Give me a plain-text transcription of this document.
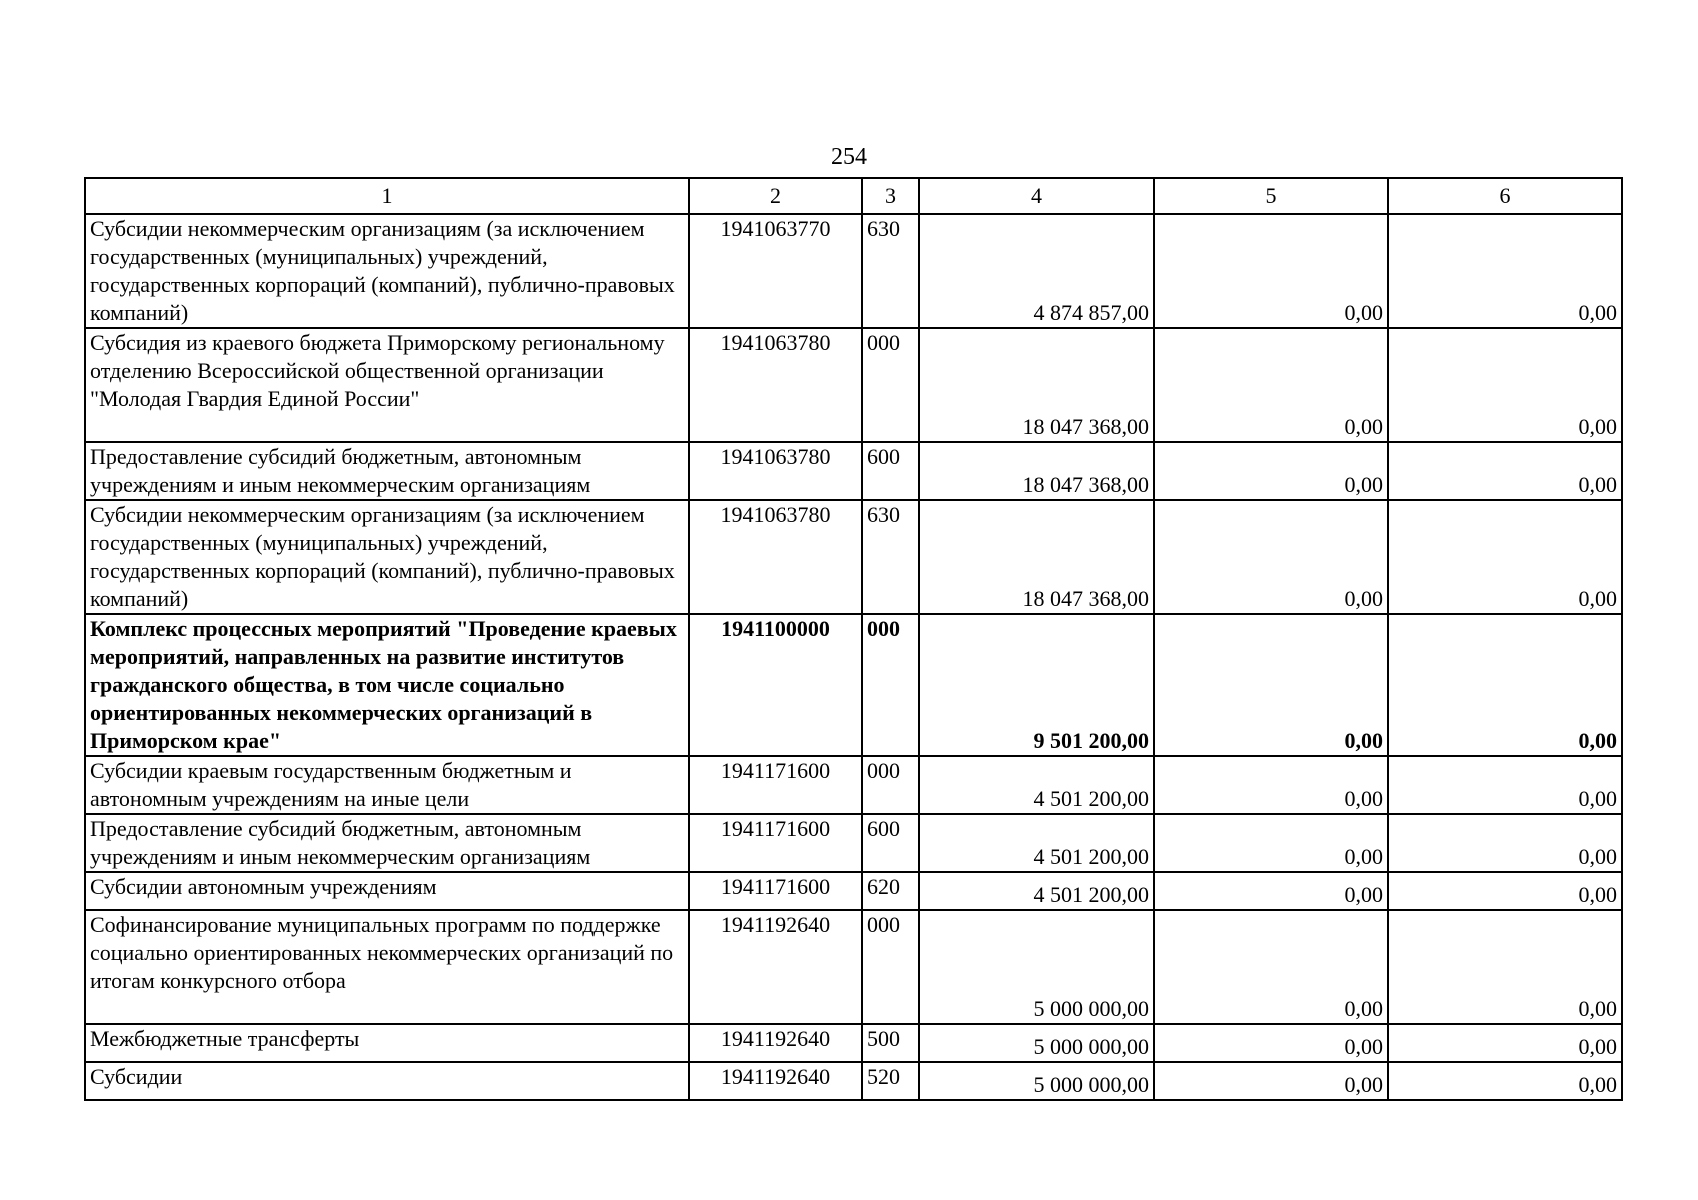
254
1	2	3	4	5	6
Субсидии некоммерческим организациям (за исключением государственных (муниципальных) учреждений, государственных корпораций (компаний), публично-правовых компаний)	1941063770	630	4 874 857,00	0,00	0,00
Субсидия из краевого бюджета Приморскому региональному отделению Всероссийской общественной организации "Молодая Гвардия Единой России"	1941063780	000	18 047 368,00	0,00	0,00
Предоставление субсидий бюджетным, автономным учреждениям и иным некоммерческим организациям	1941063780	600	18 047 368,00	0,00	0,00
Субсидии некоммерческим организациям (за исключением государственных (муниципальных) учреждений, государственных корпораций (компаний), публично-правовых компаний)	1941063780	630	18 047 368,00	0,00	0,00
Комплекс процессных мероприятий "Проведение краевых мероприятий, направленных на развитие институтов гражданского общества, в том числе социально ориентированных некоммерческих организаций в Приморском крае"	1941100000	000	9 501 200,00	0,00	0,00
Субсидии краевым государственным бюджетным и автономным учреждениям на иные цели	1941171600	000	4 501 200,00	0,00	0,00
Предоставление субсидий бюджетным, автономным учреждениям и иным некоммерческим организациям	1941171600	600	4 501 200,00	0,00	0,00
Субсидии автономным учреждениям	1941171600	620	4 501 200,00	0,00	0,00
Софинансирование муниципальных программ по поддержке социально ориентированных некоммерческих организаций по итогам конкурсного отбора	1941192640	000	5 000 000,00	0,00	0,00
Межбюджетные трансферты	1941192640	500	5 000 000,00	0,00	0,00
Субсидии	1941192640	520	5 000 000,00	0,00	0,00
